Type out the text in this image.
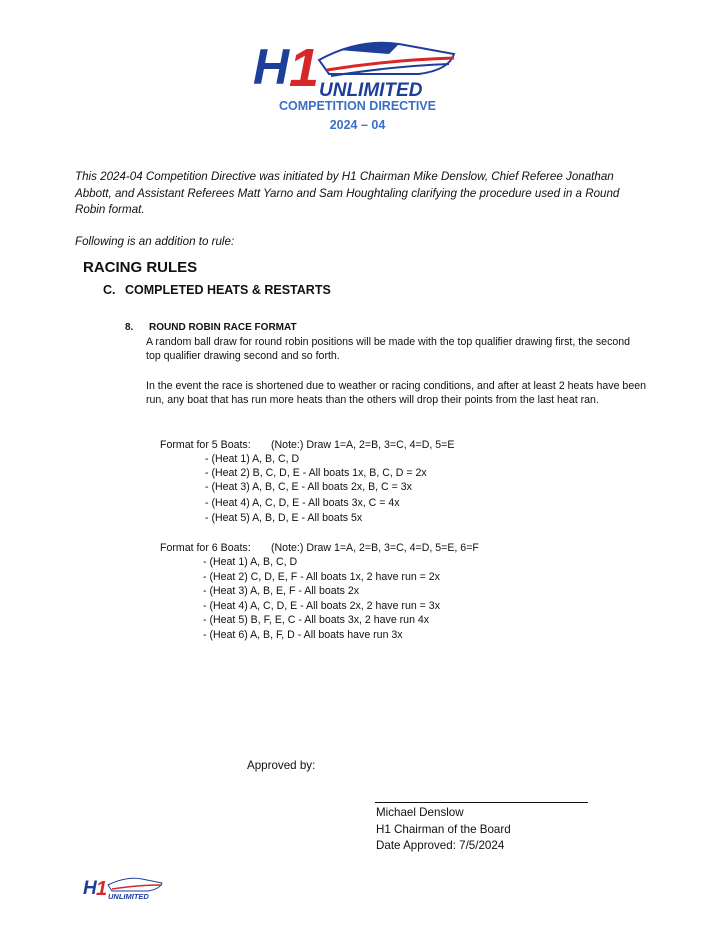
H 1 UNLIMITED
COMPETITION DIRECTIVE
2024 – 04
This 2024-04 Competition Directive was initiated by H1 Chairman Mike Denslow, Chief Referee Jonathan Abbott, and Assistant Referees Matt Yarno and Sam Houghtaling clarifying the procedure used in a Round Robin format.
Following is an addition to rule:
RACING RULES
C. COMPLETED HEATS & RESTARTS
8. ROUND ROBIN RACE FORMAT
A random ball draw for round robin positions will be made with the top qualifier drawing first, the second top qualifier drawing second and so forth.
In the event the race is shortened due to weather or racing conditions, and after at least 2 heats have been run, any boat that has run more heats than the others will drop their points from the last heat ran.
Format for 5 Boats: (Note:) Draw 1=A, 2=B, 3=C, 4=D, 5=E
- (Heat 1) A, B, C, D
- (Heat 2) B, C, D, E - All boats 1x, B, C, D = 2x
- (Heat 3) A, B, C, E - All boats 2x, B, C = 3x
- (Heat 4) A, C, D, E - All boats 3x, C = 4x
- (Heat 5) A, B, D, E - All boats 5x
Format for 6 Boats: (Note:) Draw 1=A, 2=B, 3=C, 4=D, 5=E, 6=F
- (Heat 1) A, B, C, D
- (Heat 2) C, D, E, F - All boats 1x, 2 have run = 2x
- (Heat 3) A, B, E, F - All boats 2x
- (Heat 4) A, C, D, E - All boats 2x, 2 have run = 3x
- (Heat 5) B, F, E, C - All boats 3x, 2 have run 4x
- (Heat 6) A, B, F, D - All boats have run 3x
Approved by:
Michael Denslow
H1 Chairman of the Board
Date Approved: 7/5/2024
H 1 UNLIMITED
